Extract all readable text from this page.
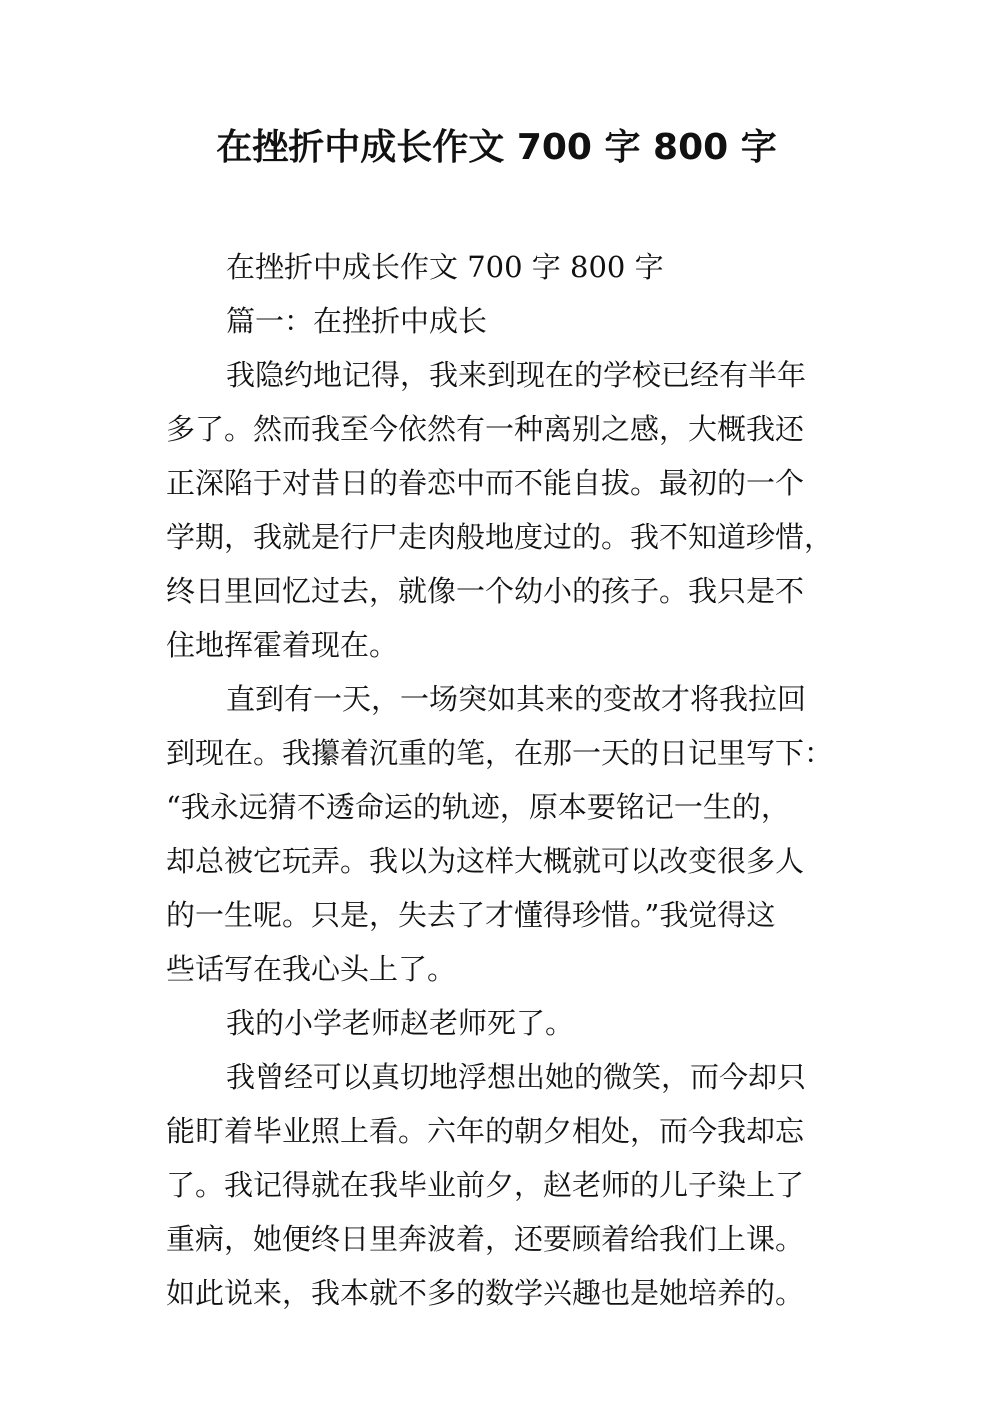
在挫折中成长作文 700 字 800 字
在挫折中成长作文 700 字 800 字
篇一：在挫折中成长
我隐约地记得，我来到现在的学校已经有半年
多了。然而我至今依然有一种离别之感，大概我还
正深陷于对昔日的眷恋中而不能自拔。最初的一个
学期，我就是行尸走肉般地度过的。我不知道珍惜，
终日里回忆过去，就像一个幼小的孩子。我只是不
住地挥霍着现在。
直到有一天，一场突如其来的变故才将我拉回
到现在。我攥着沉重的笔，在那一天的日记里写下：
“我永远猜不透命运的轨迹，原本要铭记一生的，
却总被它玩弄。我以为这样大概就可以改变很多人
的一生呢。只是，失去了才懂得珍惜。”我觉得这
些话写在我心头上了。
我的小学老师赵老师死了。
我曾经可以真切地浮想出她的微笑，而今却只
能盯着毕业照上看。六年的朝夕相处，而今我却忘
了。我记得就在我毕业前夕，赵老师的儿子染上了
重病，她便终日里奔波着，还要顾着给我们上课。
如此说来，我本就不多的数学兴趣也是她培养的。
